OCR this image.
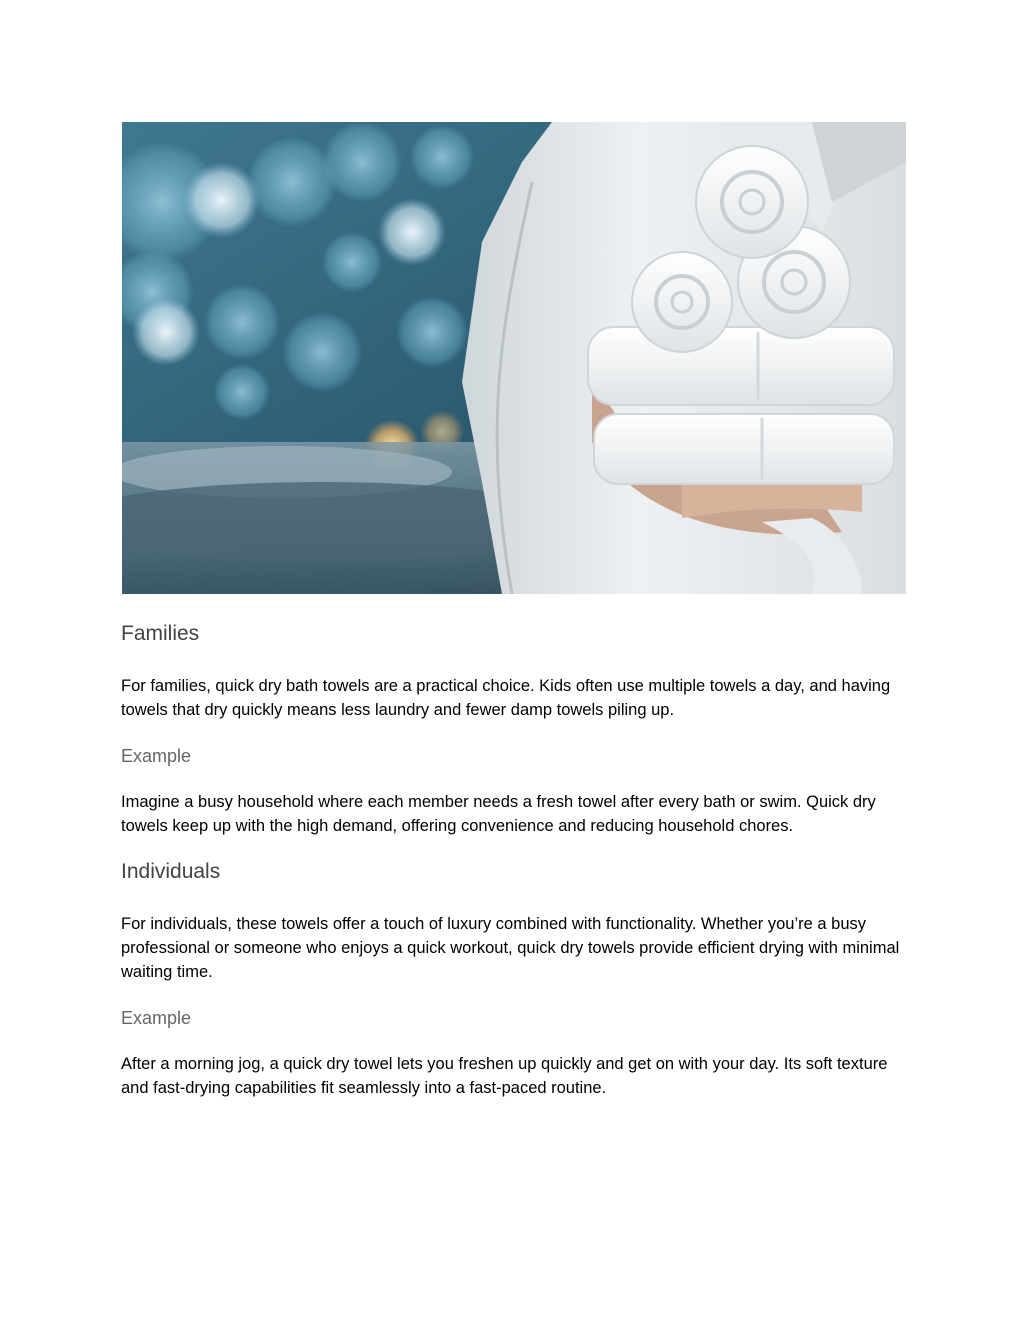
Families

For families, quick dry bath towels are a practical choice. Kids often use multiple towels a day, and having towels that dry quickly means less laundry and fewer damp towels piling up.

Example

Imagine a busy household where each member needs a fresh towel after every bath or swim. Quick dry towels keep up with the high demand, offering convenience and reducing household chores.

Individuals

For individuals, these towels offer a touch of luxury combined with functionality. Whether you’re a busy professional or someone who enjoys a quick workout, quick dry towels provide efficient drying with minimal waiting time.

Example

After a morning jog, a quick dry towel lets you freshen up quickly and get on with your day. Its soft texture and fast-drying capabilities fit seamlessly into a fast-paced routine.
